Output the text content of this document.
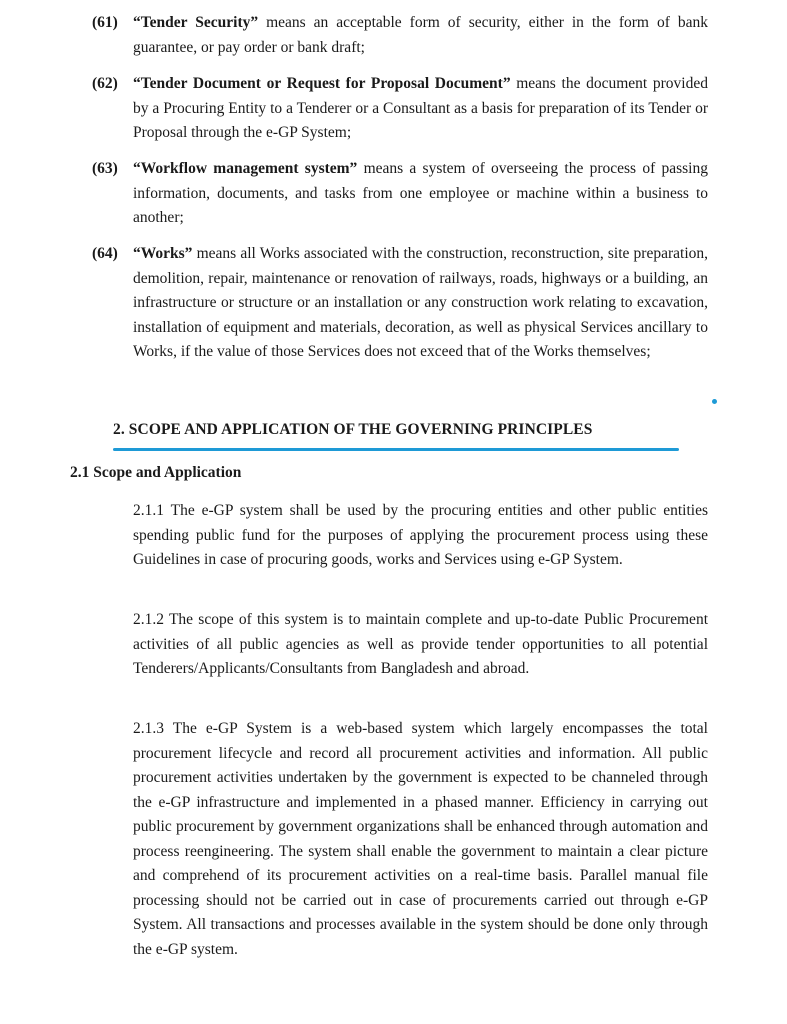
(61) “Tender Security” means an acceptable form of security, either in the form of bank guarantee, or pay order or bank draft;
(62) “Tender Document or Request for Proposal Document” means the document provided by a Procuring Entity to a Tenderer or a Consultant as a basis for preparation of its Tender or Proposal through the e-GP System;
(63) “Workflow management system” means a system of overseeing the process of passing information, documents, and tasks from one employee or machine within a business to another;
(64) “Works” means all Works associated with the construction, reconstruction, site preparation, demolition, repair, maintenance or renovation of railways, roads, highways or a building, an infrastructure or structure or an installation or any construction work relating to excavation, installation of equipment and materials, decoration, as well as physical Services ancillary to Works, if the value of those Services does not exceed that of the Works themselves;
2. SCOPE AND APPLICATION OF THE GOVERNING PRINCIPLES
2.1 Scope and Application
2.1.1 The e-GP system shall be used by the procuring entities and other public entities spending public fund for the purposes of applying the procurement process using these Guidelines in case of procuring goods, works and Services using e-GP System.
2.1.2 The scope of this system is to maintain complete and up-to-date Public Procurement activities of all public agencies as well as provide tender opportunities to all potential Tenderers/Applicants/Consultants from Bangladesh and abroad.
2.1.3 The e-GP System is a web-based system which largely encompasses the total procurement lifecycle and record all procurement activities and information. All public procurement activities undertaken by the government is expected to be channeled through the e-GP infrastructure and implemented in a phased manner. Efficiency in carrying out public procurement by government organizations shall be enhanced through automation and process reengineering. The system shall enable the government to maintain a clear picture and comprehend of its procurement activities on a real-time basis. Parallel manual file processing should not be carried out in case of procurements carried out through e-GP System. All transactions and processes available in the system should be done only through the e-GP system.
